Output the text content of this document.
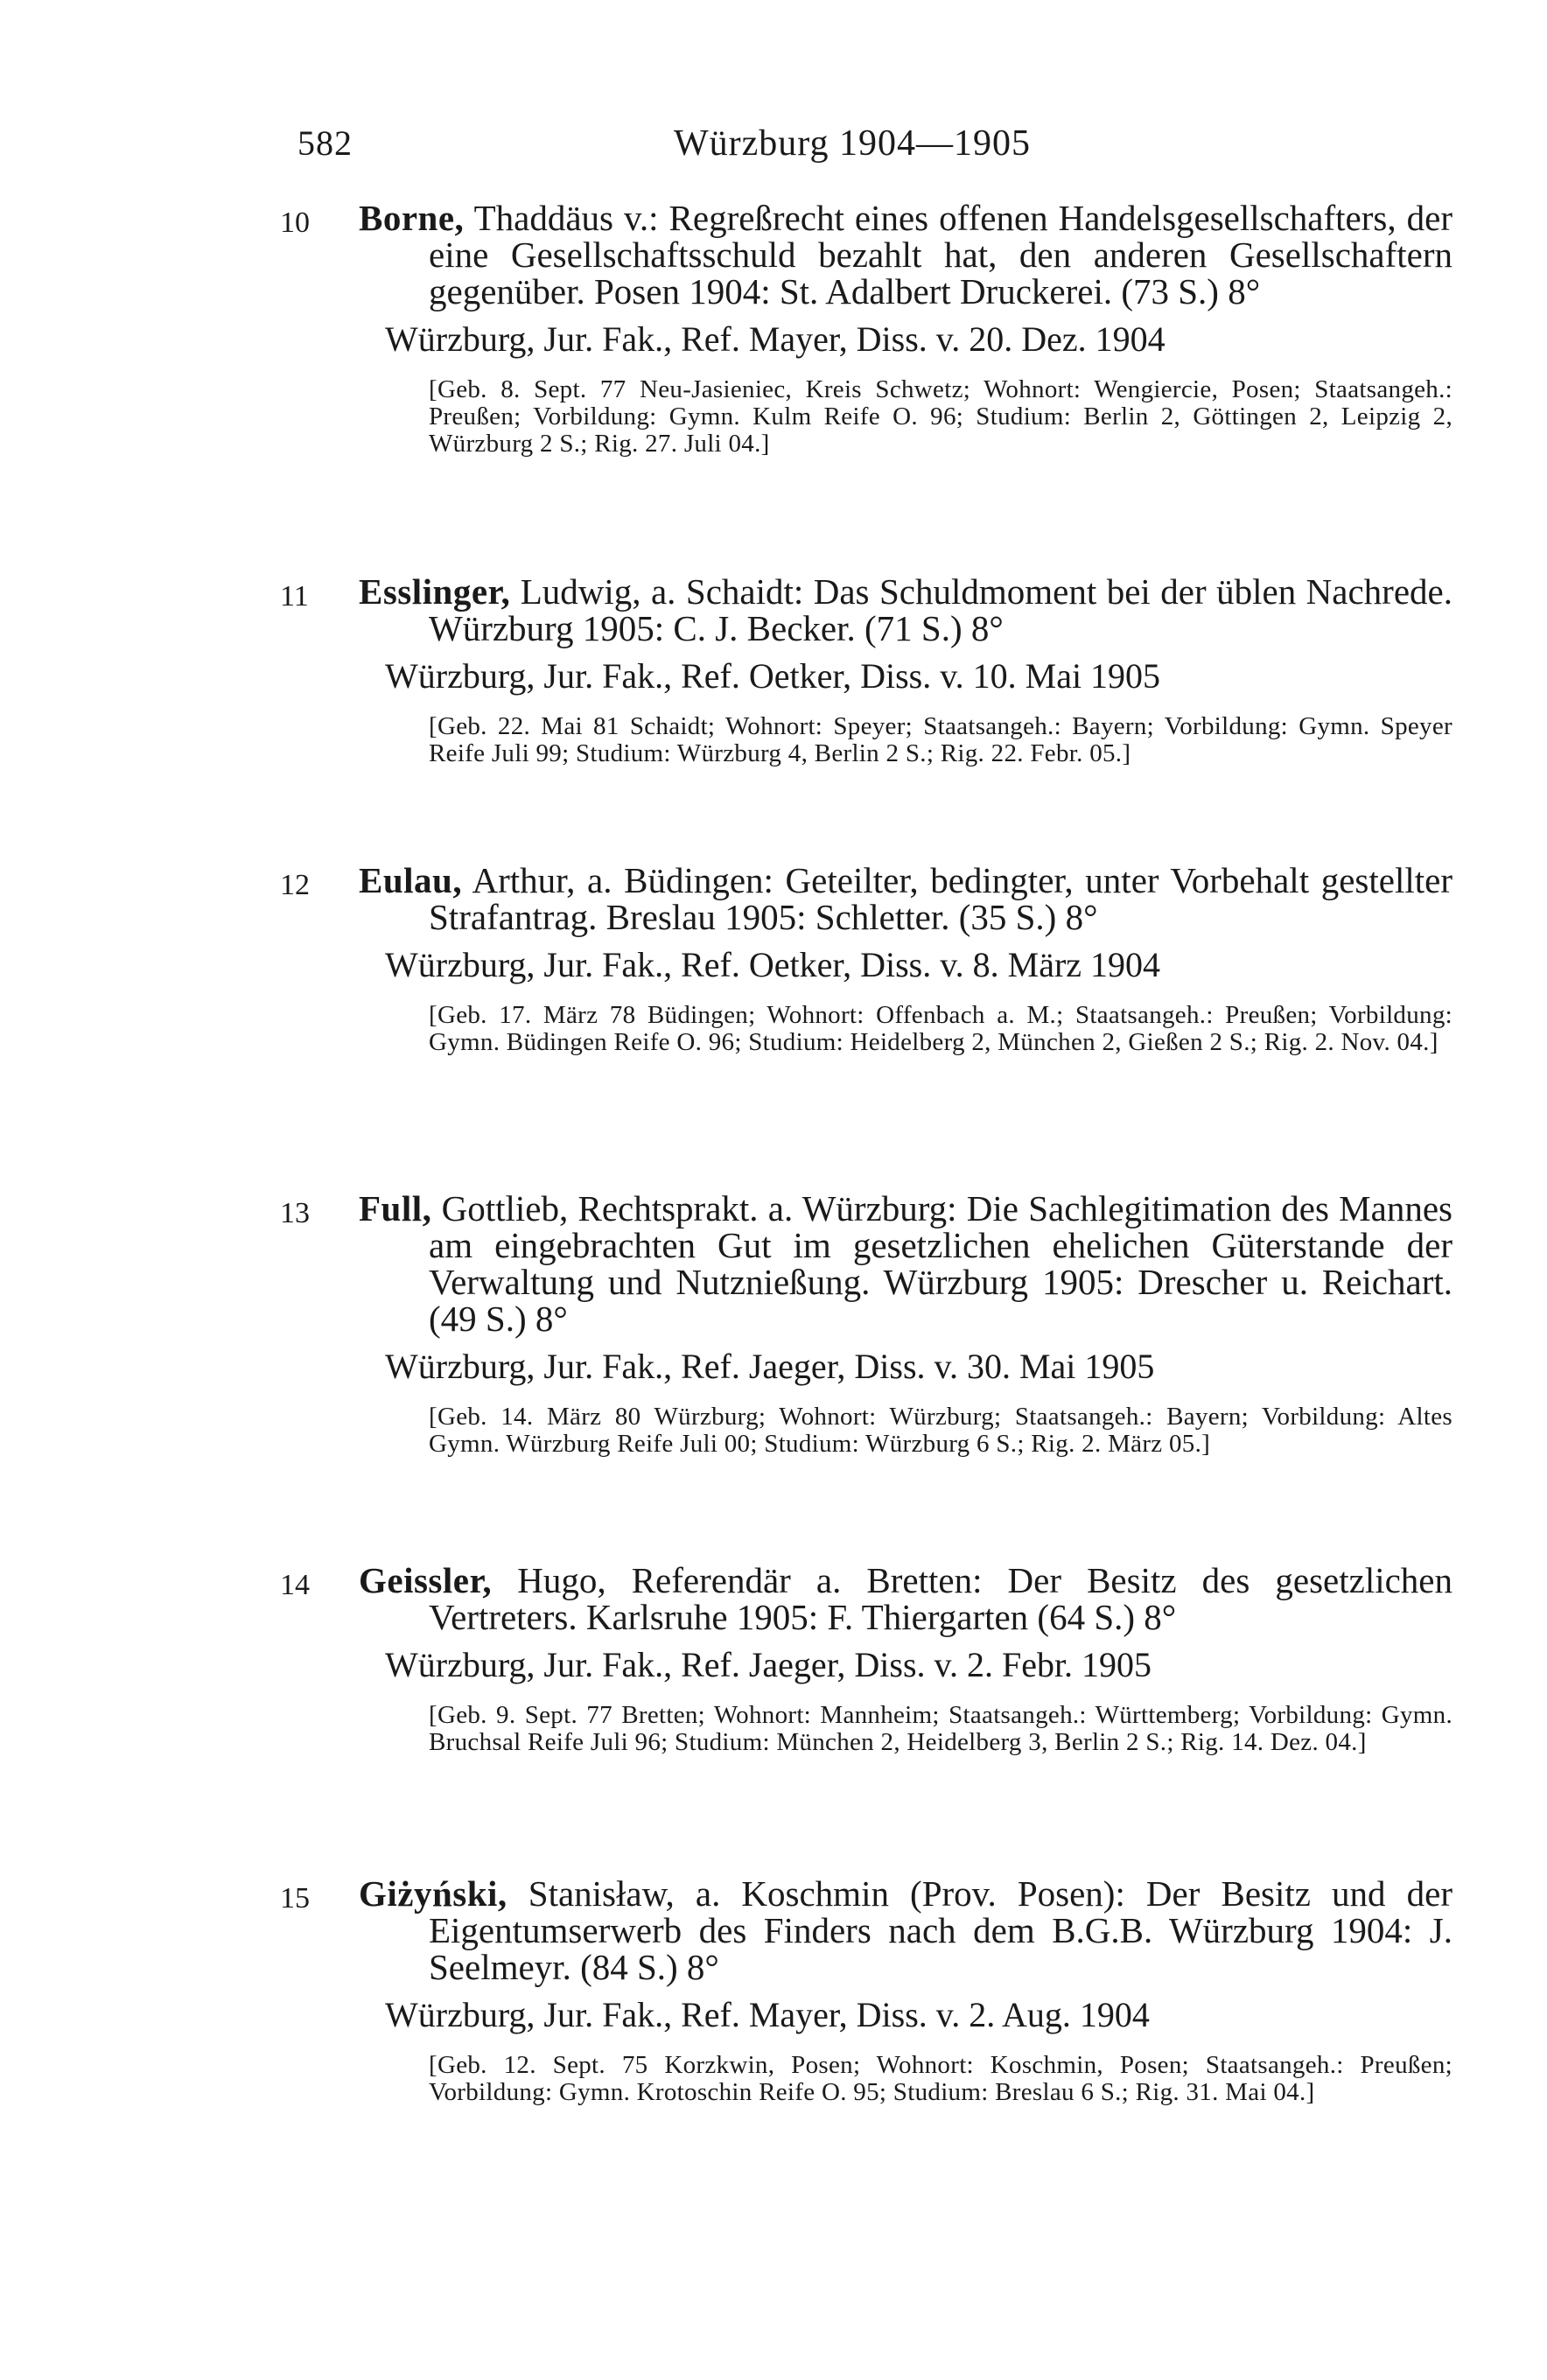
582	Würzburg 1904—1905
10	Borne, Thaddäus v.: Regreßrecht eines offenen Handelsgesellschafters, der eine Gesellschaftsschuld bezahlt hat, den anderen Gesellschaftern gegenüber. Posen 1904: St. Adalbert Druckerei. (73 S.) 8°
Würzburg, Jur. Fak., Ref. Mayer, Diss. v. 20. Dez. 1904
[Geb. 8. Sept. 77 Neu-Jasieniec, Kreis Schwetz; Wohnort: Wengiercie, Posen; Staatsangeh.: Preußen; Vorbildung: Gymn. Kulm Reife O. 96; Studium: Berlin 2, Göttingen 2, Leipzig 2, Würzburg 2 S.; Rig. 27. Juli 04.]
11	Esslinger, Ludwig, a. Schaidt: Das Schuldmoment bei der üblen Nachrede. Würzburg 1905: C. J. Becker. (71 S.) 8°
Würzburg, Jur. Fak., Ref. Oetker, Diss. v. 10. Mai 1905
[Geb. 22. Mai 81 Schaidt; Wohnort: Speyer; Staatsangeh.: Bayern; Vorbildung: Gymn. Speyer Reife Juli 99; Studium: Würzburg 4, Berlin 2 S.; Rig. 22. Febr. 05.]
12	Eulau, Arthur, a. Büdingen: Geteilter, bedingter, unter Vorbehalt gestellter Strafantrag. Breslau 1905: Schletter. (35 S.) 8°
Würzburg, Jur. Fak., Ref. Oetker, Diss. v. 8. März 1904
[Geb. 17. März 78 Büdingen; Wohnort: Offenbach a. M.; Staatsangeh.: Preußen; Vorbildung: Gymn. Büdingen Reife O. 96; Studium: Heidelberg 2, München 2, Gießen 2 S.; Rig. 2. Nov. 04.]
13	Full, Gottlieb, Rechtsprakt. a. Würzburg: Die Sachlegitimation des Mannes am eingebrachten Gut im gesetzlichen ehelichen Güterstande der Verwaltung und Nutznießung. Würzburg 1905: Drescher u. Reichart. (49 S.) 8°
Würzburg, Jur. Fak., Ref. Jaeger, Diss. v. 30. Mai 1905
[Geb. 14. März 80 Würzburg; Wohnort: Würzburg; Staatsangeh.: Bayern; Vorbildung: Altes Gymn. Würzburg Reife Juli 00; Studium: Würzburg 6 S.; Rig. 2. März 05.]
14	Geissler, Hugo, Referendär a. Bretten: Der Besitz des gesetzlichen Vertreters. Karlsruhe 1905: F. Thiergarten (64 S.) 8°
Würzburg, Jur. Fak., Ref. Jaeger, Diss. v. 2. Febr. 1905
[Geb. 9. Sept. 77 Bretten; Wohnort: Mannheim; Staatsangeh.: Württemberg; Vorbildung: Gymn. Bruchsal Reife Juli 96; Studium: München 2, Heidelberg 3, Berlin 2 S.; Rig. 14. Dez. 04.]
15	Giżyński, Stanisław, a. Koschmin (Prov. Posen): Der Besitz und der Eigentumserwerb des Finders nach dem B.G.B. Würzburg 1904: J. Seelmeyr. (84 S.) 8°
Würzburg, Jur. Fak., Ref. Mayer, Diss. v. 2. Aug. 1904
[Geb. 12. Sept. 75 Korzkwin, Posen; Wohnort: Koschmin, Posen; Staatsangeh.: Preußen; Vorbildung: Gymn. Krotoschin Reife O. 95; Studium: Breslau 6 S.; Rig. 31. Mai 04.]
